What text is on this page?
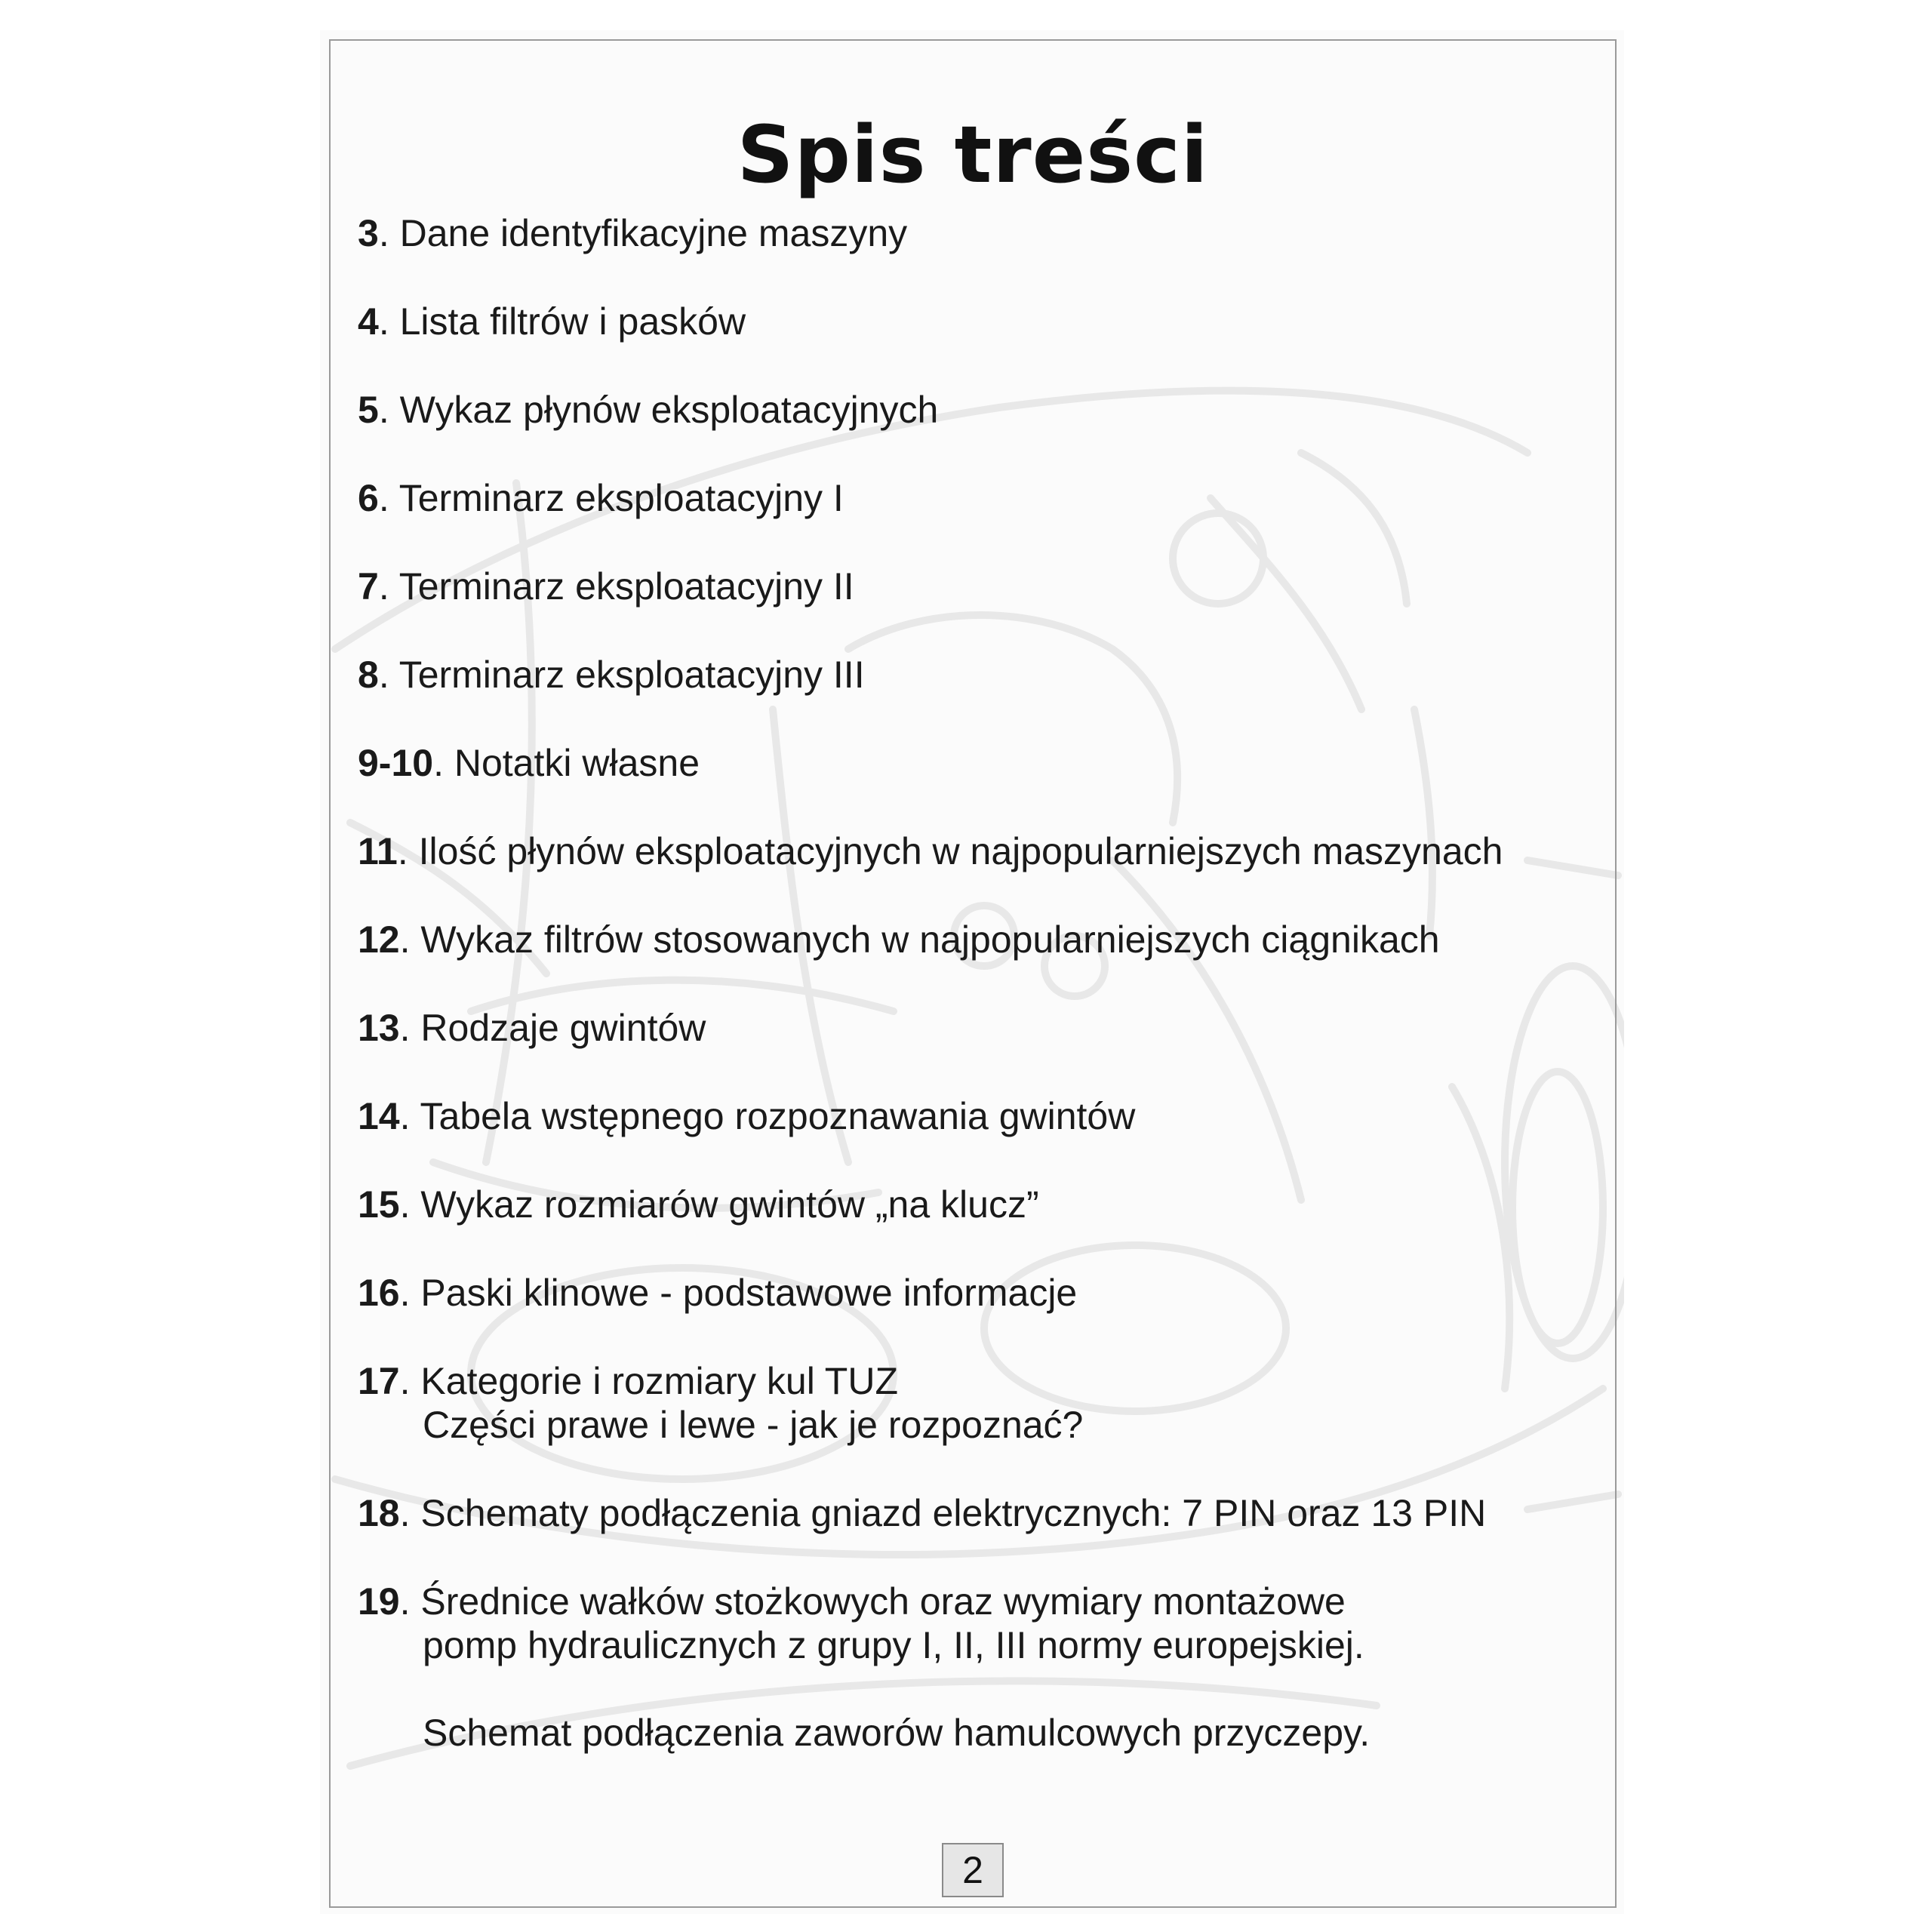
Spis treści
3. Dane identyfikacyjne maszyny
4. Lista filtrów i pasków
5. Wykaz płynów eksploatacyjnych
6. Terminarz eksploatacyjny I
7. Terminarz eksploatacyjny II
8. Terminarz eksploatacyjny III
9-10. Notatki własne
11. Ilość płynów eksploatacyjnych w najpopularniejszych maszynach
12. Wykaz filtrów stosowanych w najpopularniejszych ciągnikach
13. Rodzaje gwintów
14. Tabela wstępnego rozpoznawania gwintów
15. Wykaz rozmiarów gwintów „na klucz”
16. Paski klinowe - podstawowe informacje
17. Kategorie i rozmiary kul TUZ
Części prawe i lewe - jak je rozpoznać?
18. Schematy podłączenia gniazd elektrycznych: 7 PIN oraz 13 PIN
19. Średnice wałków stożkowych oraz wymiary montażowe
pomp hydraulicznych z grupy I, II, III normy europejskiej.
Schemat podłączenia zaworów hamulcowych przyczepy.
2
